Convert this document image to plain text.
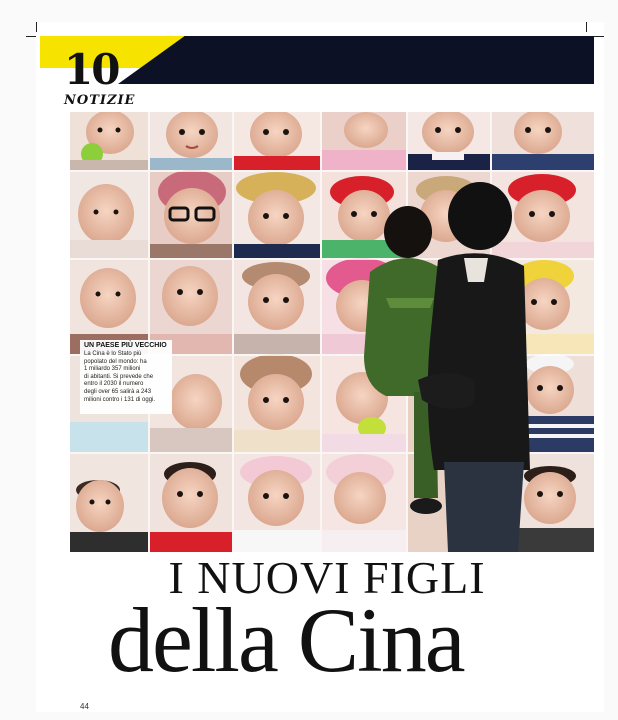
10
NOTIZIE

UN PAESE PIÙ VECCHIO

La Cina è lo Stato più

popolato del mondo: ha

1 miliardo 357 milioni

di abitanti. Si prevede che

entro il 2030 il numero

degli over 65 salirà a 243

milioni contro i 131 di oggi.

I NUOVI FIGLI
della Cina
44
